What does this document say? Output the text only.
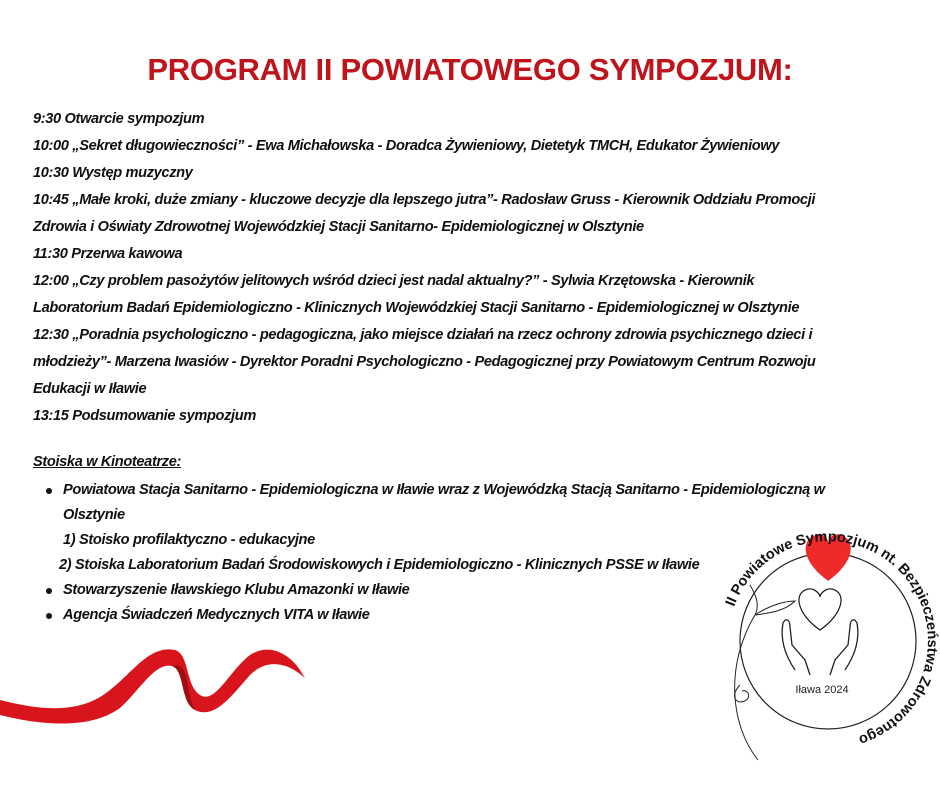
PROGRAM II POWIATOWEGO SYMPOZJUM:
9:30 Otwarcie sympozjum
10:00 „Sekret długowieczności” - Ewa Michałowska - Doradca Żywieniowy, Dietetyk TMCH, Edukator Żywieniowy
10:30 Występ muzyczny
10:45 „Małe kroki, duże zmiany - kluczowe decyzje dla lepszego jutra”- Radosław Gruss - Kierownik Oddziału Promocji
Zdrowia i Oświaty Zdrowotnej Wojewódzkiej Stacji Sanitarno- Epidemiologicznej w Olsztynie
11:30 Przerwa kawowa
12:00 „Czy problem pasożytów jelitowych wśród dzieci jest nadal aktualny?” - Sylwia Krzętowska - Kierownik
Laboratorium Badań Epidemiologiczno - Klinicznych Wojewódzkiej Stacji Sanitarno - Epidemiologicznej w Olsztynie
12:30 „Poradnia psychologiczno - pedagogiczna, jako miejsce działań na rzecz ochrony zdrowia psychicznego dzieci i
młodzieży”- Marzena Iwasiów - Dyrektor Poradni Psychologiczno - Pedagogicznej przy Powiatowym Centrum Rozwoju
Edukacji w Iławie
13:15 Podsumowanie sympozjum
Stoiska w Kinoteatrze:
Powiatowa Stacja Sanitarno - Epidemiologiczna w Iławie wraz z Wojewódzką Stacją Sanitarno - Epidemiologiczną w
Olsztynie
1) Stoisko profilaktyczno - edukacyjne
2) Stoiska Laboratorium Badań Środowiskowych i Epidemiologiczno - Klinicznych PSSE w Iławie
Stowarzyszenie Iławskiego Klubu Amazonki w Iławie
Agencja Świadczeń Medycznych VITA w Iławie
Iława 2024
II Powiatowe Sympozjum nt. Bezpieczeństwa Zdrowotnego
